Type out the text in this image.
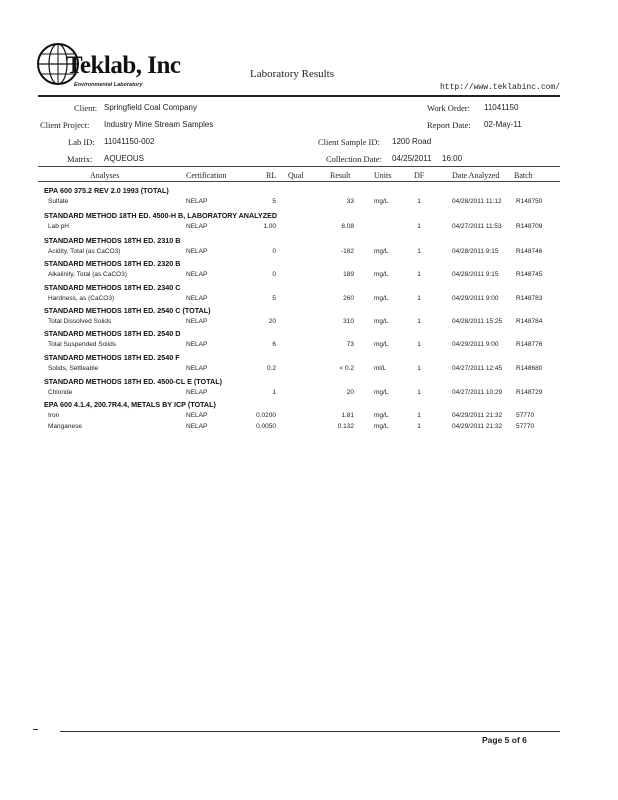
Teklab, Inc
Environmental Laboratory
Laboratory Results
http://www.teklabinc.com/
Client: Springfield Coal Company
Client Project: Industry Mine Stream Samples
Lab ID: 11041150-002
Matrix: AQUEOUS
Work Order: 11041150
Report Date: 02-May-11
Client Sample ID: 1200 Road
Collection Date: 04/25/2011 16:00
Analyses	Certification	RL Qual	Result	Units	DF	Date Analyzed Batch
EPA 600 375.2 REV 2.0 1993 (TOTAL)
Sulfate	NELAP	5	33	mg/L	1	04/28/2011 11:12 R148750
STANDARD METHOD 18TH ED. 4500-H B, LABORATORY ANALYZED
Lab pH	NELAP	1.00	8.08	1	04/27/2011 11:53 R148709
STANDARD METHODS 18TH ED. 2310 B
Acidity, Total (as CaCO3)	NELAP	0	-182	mg/L	1	04/28/2011 9:15	R148746
STANDARD METHODS 18TH ED. 2320 B
Alkalinity, Total (as CaCO3)	NELAP	0	189	mg/L	1	04/28/2011 9:15	R148745
STANDARD METHODS 18TH ED. 2340 C
Hardness, as (CaCO3)	NELAP	5	260	mg/L	1	04/29/2011 9:00	R148783
STANDARD METHODS 18TH ED. 2540 C (TOTAL)
Total Dissolved Solids	NELAP	20	310	mg/L	1	04/28/2011 15:25 R148784
STANDARD METHODS 18TH ED. 2540 D
Total Suspended Solids	NELAP	6	73	mg/L	1	04/29/2011 9:00	R148776
STANDARD METHODS 18TH ED. 2540 F
Solids, Settleable	NELAP	0.2	< 0.2	ml/L	1	04/27/2011 12:45 R148680
STANDARD METHODS 18TH ED. 4500-CL E (TOTAL)
Chloride	NELAP	1	20	mg/L	1	04/27/2011 10:29 R148729
EPA 600 4.1.4, 200.7R4.4, METALS BY ICP (TOTAL)
Iron	NELAP	0.0200	1.81	mg/L	1	04/29/2011 21:32 57770
Manganese	NELAP	0.0050	0.132	mg/L	1	04/29/2011 21:32 57770
Page 5 of 6
